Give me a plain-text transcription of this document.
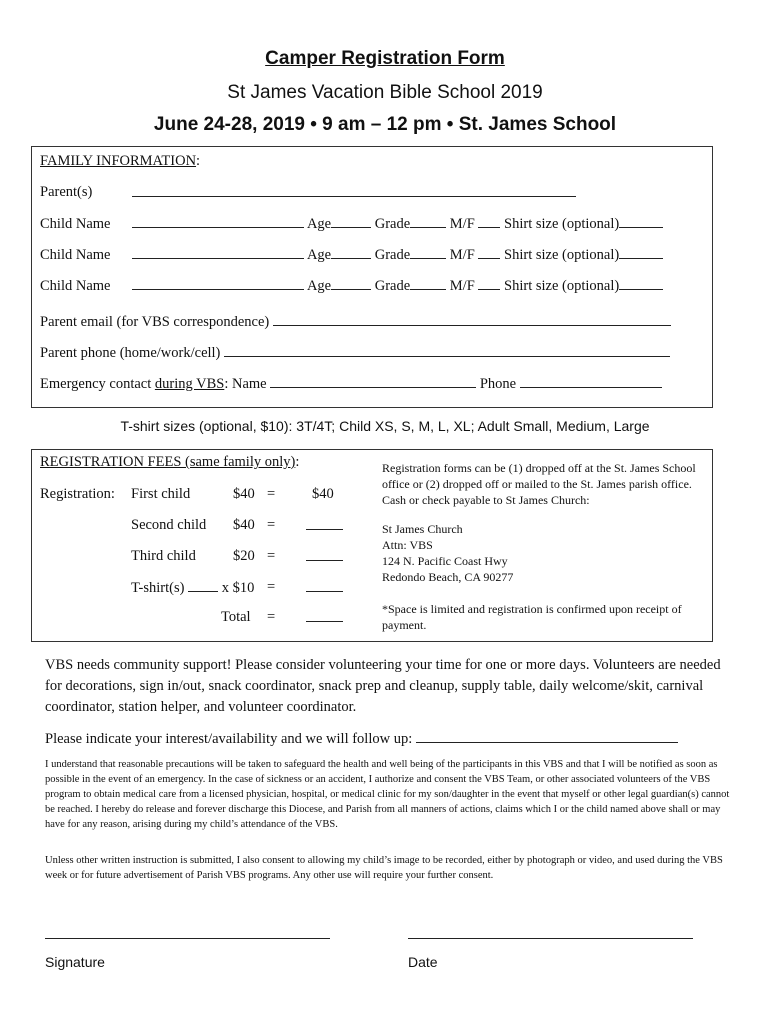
Camper Registration Form
St James Vacation Bible School 2019
June 24-28, 2019 • 9 am – 12 pm • St. James School
FAMILY INFORMATION:
Parent(s)
Child Name	Age	Grade	M/F Shirt size (optional)
Child Name	Age	Grade	M/F Shirt size (optional)
Child Name	Age	Grade	M/F Shirt size (optional)
Parent email (for VBS correspondence)
Parent phone (home/work/cell)
Emergency contact during VBS: Name	Phone
T-shirt sizes (optional, $10): 3T/4T; Child XS, S, M, L, XL; Adult Small, Medium, Large
REGISTRATION FEES (same family only):
Registration: First child	$40 =	$40
Second child $40 =
Third child	$20 =
T-shirt(s)	x $10 =
Total =
Registration forms can be (1) dropped off at the St. James School office or (2) dropped off or mailed to the St. James parish office. Cash or check payable to St James Church:
St James Church
Attn: VBS
124 N. Pacific Coast Hwy
Redondo Beach, CA 90277
*Space is limited and registration is confirmed upon receipt of payment.
VBS needs community support! Please consider volunteering your time for one or more days. Volunteers are needed for decorations, sign in/out, snack coordinator, snack prep and cleanup, supply table, daily welcome/skit, carnival coordinator, station helper, and volunteer coordinator.
Please indicate your interest/availability and we will follow up:
I understand that reasonable precautions will be taken to safeguard the health and well being of the participants in this VBS and that I will be notified as soon as possible in the event of an emergency. In the case of sickness or an accident, I authorize and consent the VBS Team, or other associated volunteers of the VBS program to obtain medical care from a licensed physician, hospital, or medical clinic for my son/daughter in the event that myself or other legal guardian(s) cannot be reached. I hereby do release and forever discharge this Diocese, and Parish from all manners of actions, claims which I or the child named above shall or may have for any reason, arising during my child’s attendance of the VBS.
Unless other written instruction is submitted, I also consent to allowing my child’s image to be recorded, either by photograph or video, and used during the VBS week or for future advertisement of Parish VBS programs. Any other use will require your further consent.
Signature	Date
